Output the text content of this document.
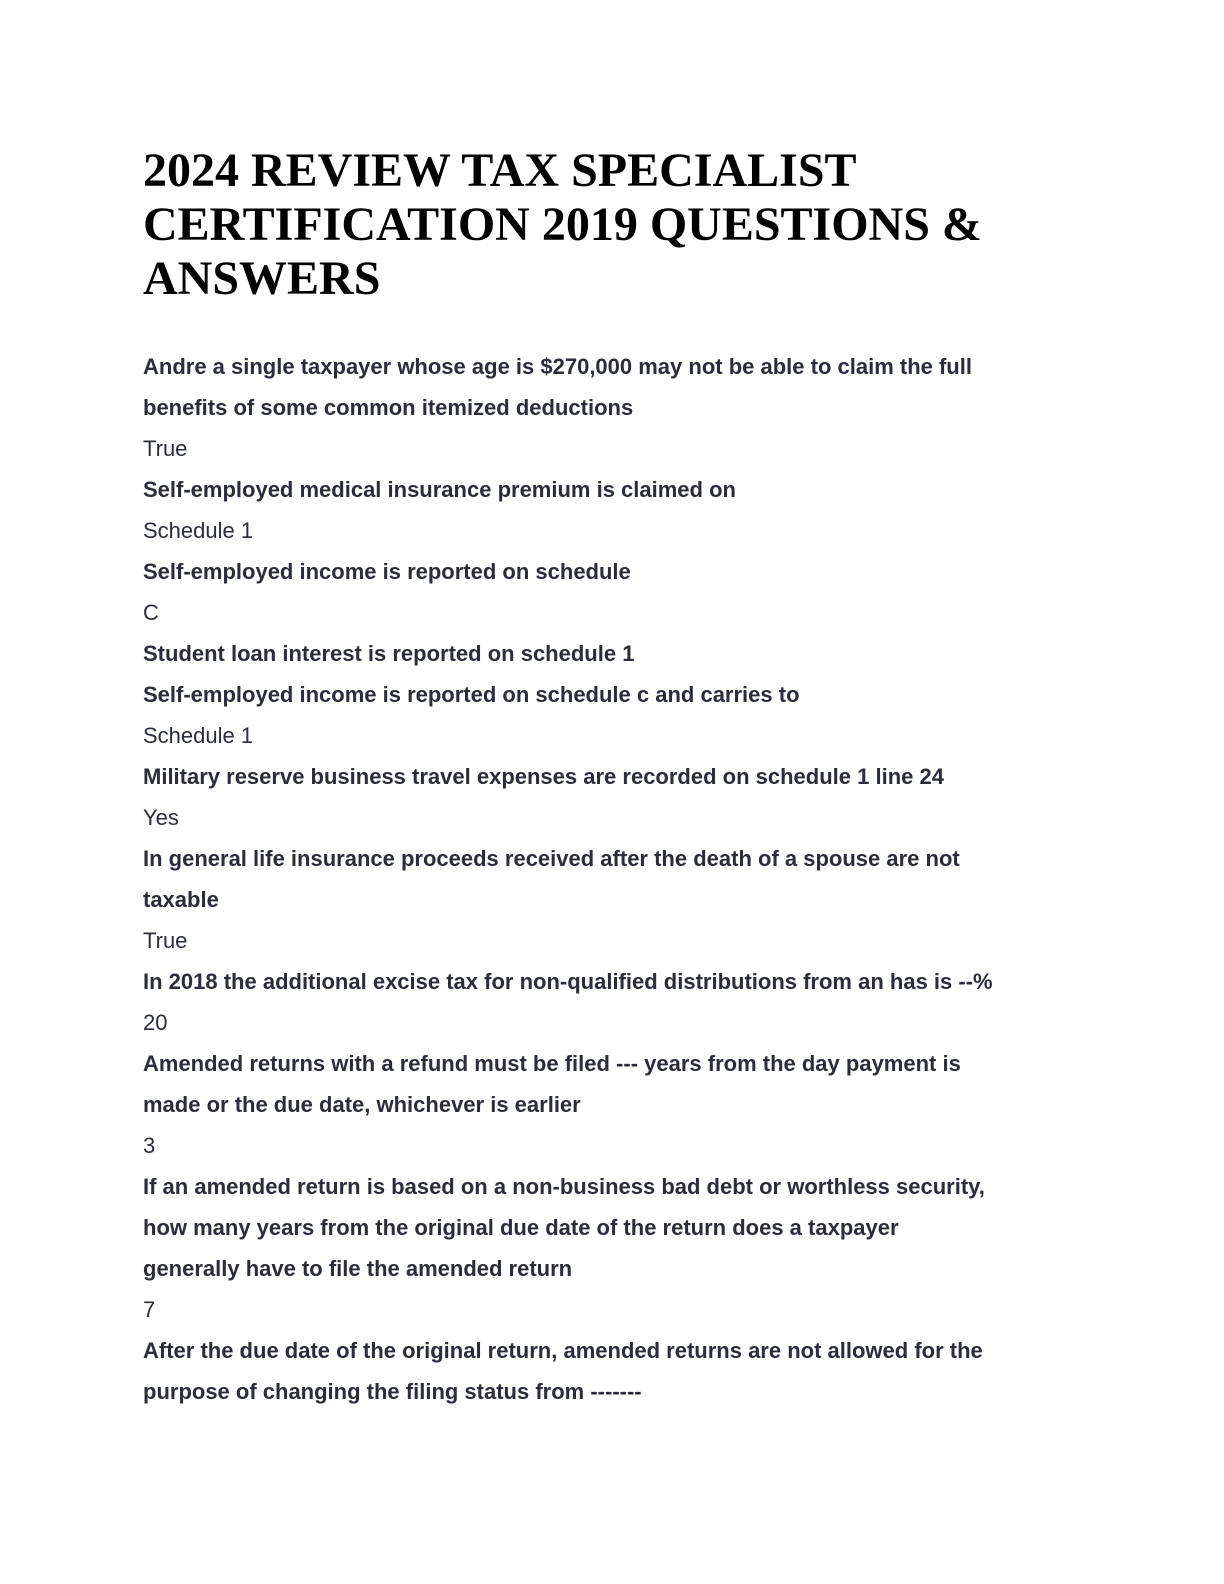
2024 REVIEW TAX SPECIALIST
CERTIFICATION 2019 QUESTIONS &
ANSWERS
Andre a single taxpayer whose age is $270,000 may not be able to claim the full
benefits of some common itemized deductions
True
Self-employed medical insurance premium is claimed on
Schedule 1
Self-employed income is reported on schedule
C
Student loan interest is reported on schedule 1
Self-employed income is reported on schedule c and carries to
Schedule 1
Military reserve business travel expenses are recorded on schedule 1 line 24
Yes
In general life insurance proceeds received after the death of a spouse are not
taxable
True
In 2018 the additional excise tax for non-qualified distributions from an has is --%
20
Amended returns with a refund must be filed --- years from the day payment is
made or the due date, whichever is earlier
3
If an amended return is based on a non-business bad debt or worthless security,
how many years from the original due date of the return does a taxpayer
generally have to file the amended return
7
After the due date of the original return, amended returns are not allowed for the
purpose of changing the filing status from -------
